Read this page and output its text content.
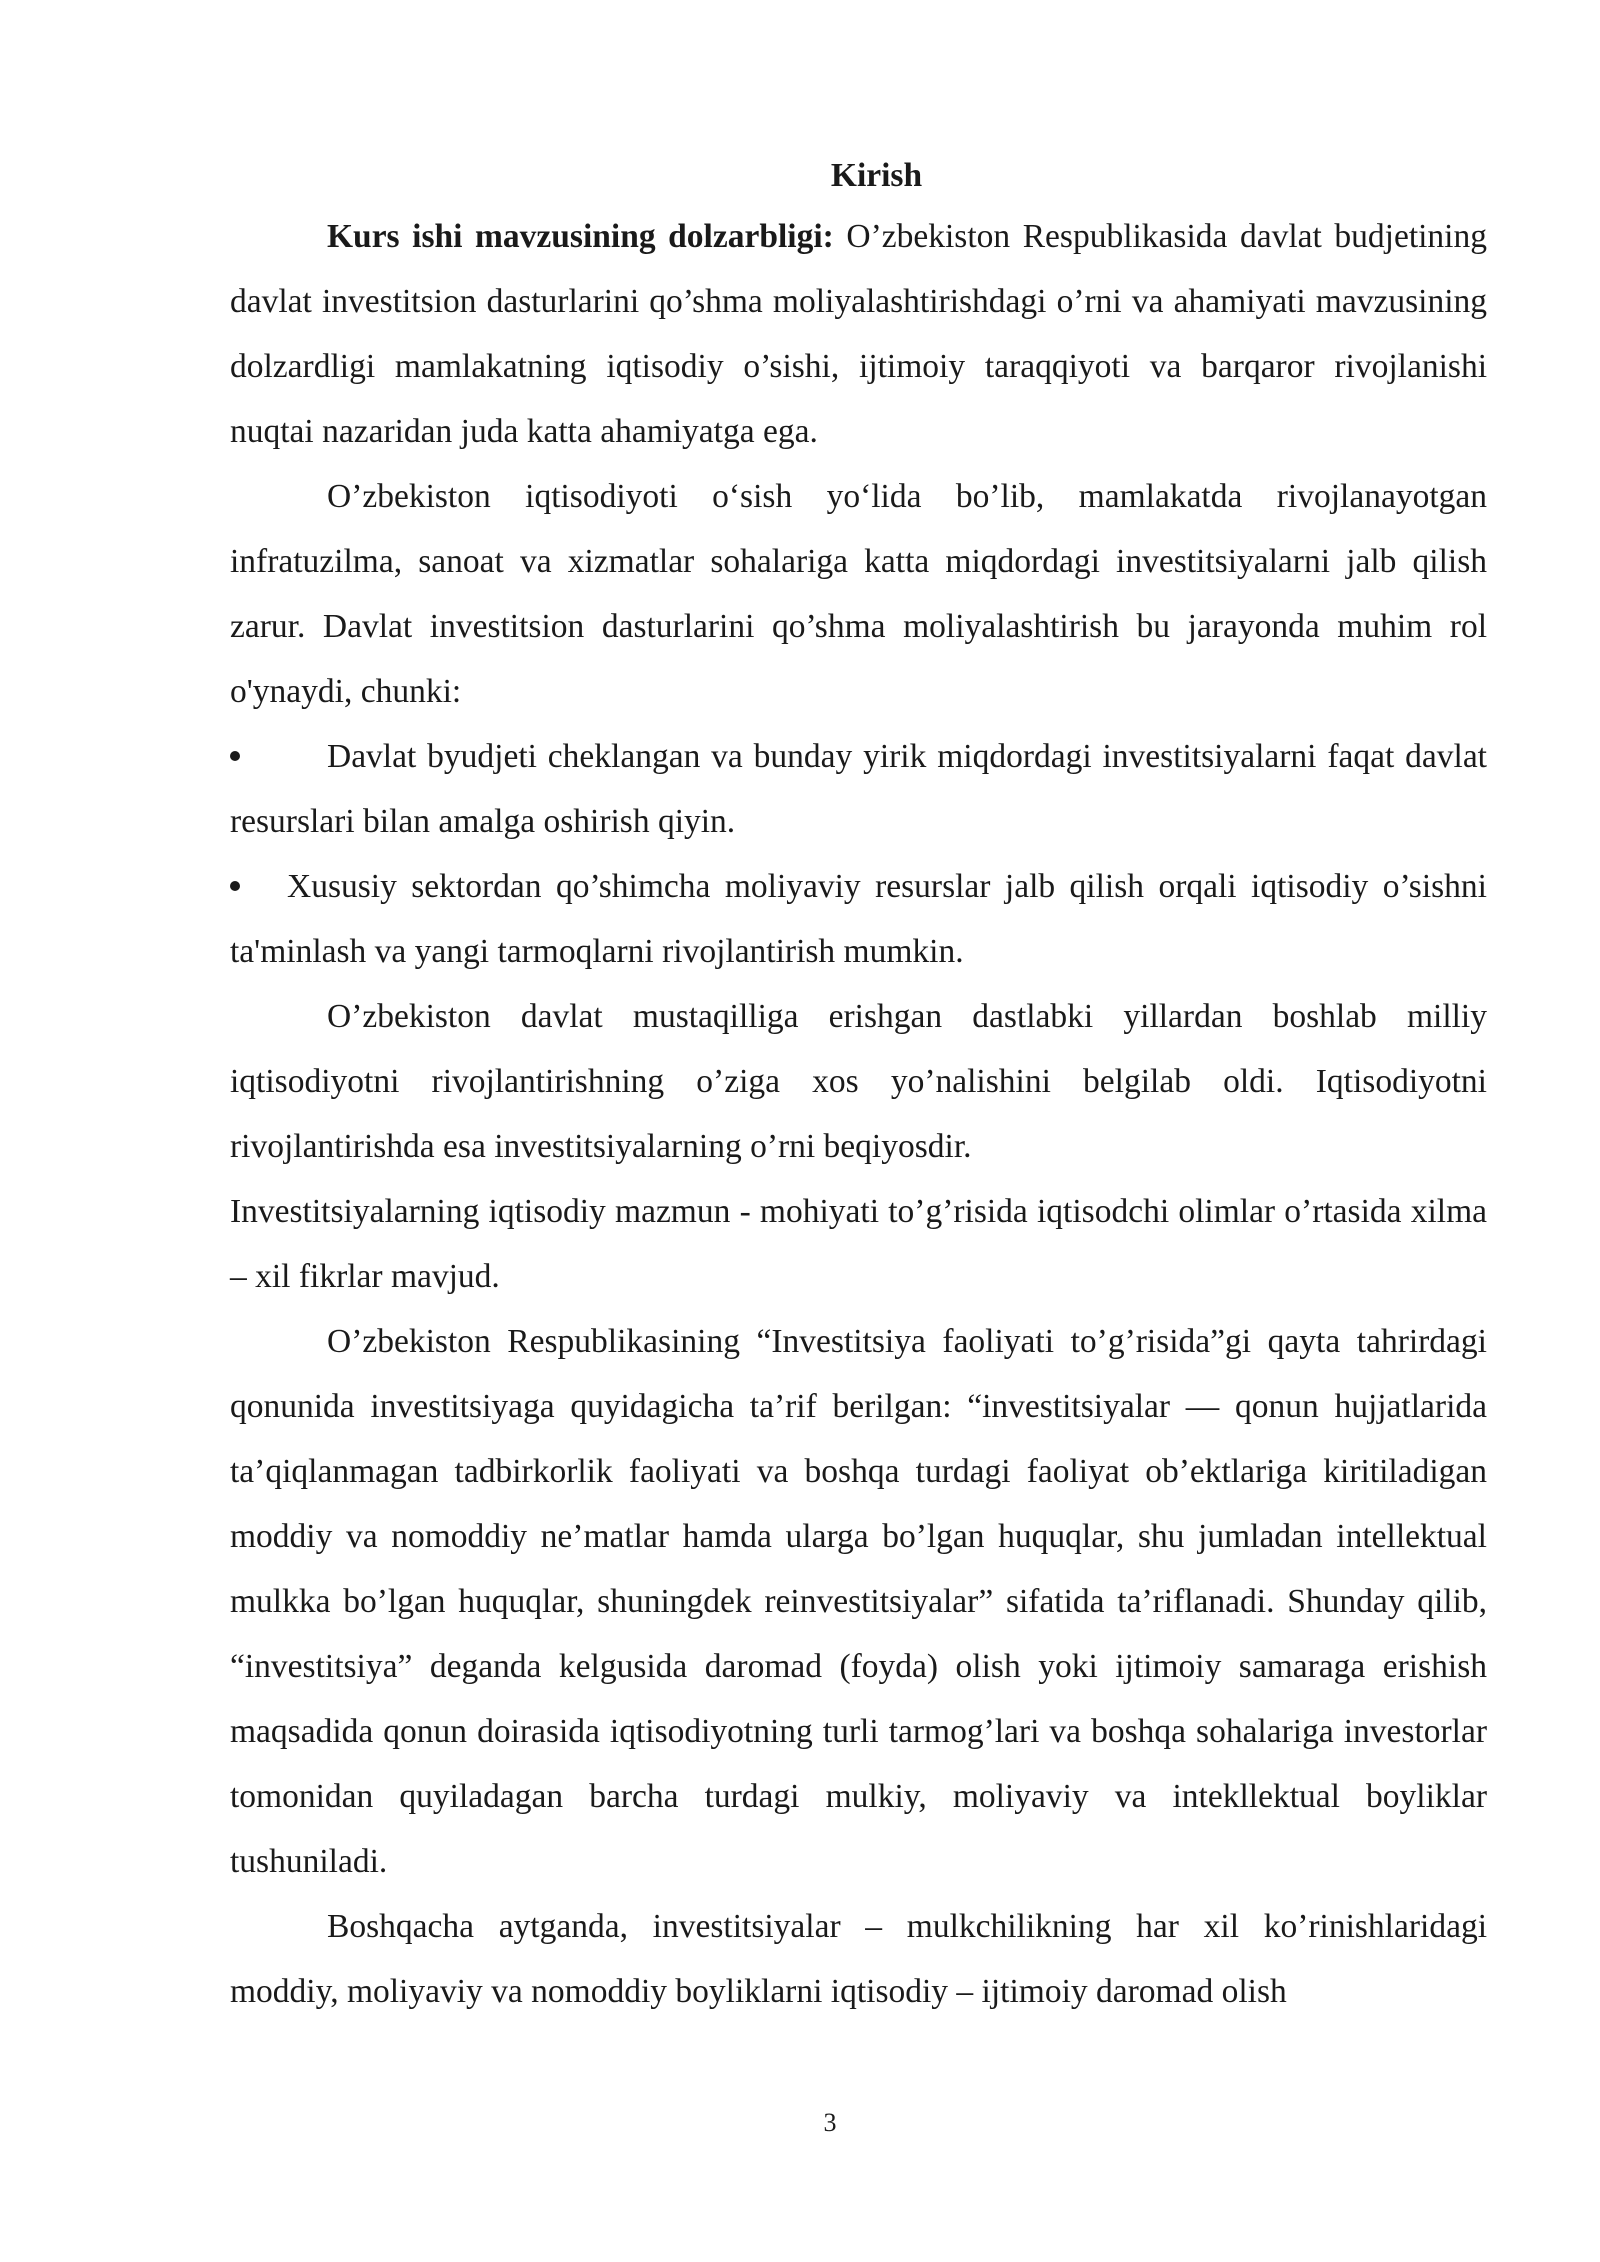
Kirish

Kurs ishi mavzusining dolzarbligi: O’zbekiston Respublikasida davlat budjetining davlat investitsion dasturlarini qo’shma moliyalashtirishdagi o’rni va ahamiyati mavzusining dolzardligi mamlakatning iqtisodiy o’sishi, ijtimoiy taraqqiyoti va barqaror rivojlanishi nuqtai nazaridan juda katta ahamiyatga ega.

O’zbekiston iqtisodiyoti o‘sish yo‘lida bo’lib, mamlakatda rivojlanayotgan infratuzilma, sanoat va xizmatlar sohalariga katta miqdordagi investitsiyalarni jalb qilish zarur. Davlat investitsion dasturlarini qo’shma moliyalashtirish bu jarayonda muhim rol o'ynaydi, chunki:

Davlat byudjeti cheklangan va bunday yirik miqdordagi investitsiyalarni faqat davlat resurslari bilan amalga oshirish qiyin.

Xususiy sektordan qo’shimcha moliyaviy resurslar jalb qilish orqali iqtisodiy o’sishni ta'minlash va yangi tarmoqlarni rivojlantirish mumkin.

O’zbekiston davlat mustaqilliga erishgan dastlabki yillardan boshlab milliy iqtisodiyotni rivojlantirishning o’ziga xos yo’nalishini belgilab oldi. Iqtisodiyotni rivojlantirishda esa investitsiyalarning o’rni beqiyosdir.

Investitsiyalarning iqtisodiy mazmun - mohiyati to’g’risida iqtisodchi olimlar o’rtasida xilma – xil fikrlar mavjud.

O’zbekiston Respublikasining “Investitsiya faoliyati to’g’risida”gi qayta tahrirdagi qonunida investitsiyaga quyidagicha ta’rif berilgan: “investitsiyalar — qonun hujjatlarida ta’qiqlanmagan tadbirkorlik faoliyati va boshqa turdagi faoliyat ob’ektlariga kiritiladigan moddiy va nomoddiy ne’matlar hamda ularga bo’lgan huquqlar, shu jumladan intellektual mulkka bo’lgan huquqlar, shuningdek reinvestitsiyalar” sifatida ta’riflanadi. Shunday qilib, “investitsiya” deganda kelgusida daromad (foyda) olish yoki ijtimoiy samaraga erishish maqsadida qonun doirasida iqtisodiyotning turli tarmog’lari va boshqa sohalariga investorlar tomonidan quyiladagan barcha turdagi mulkiy, moliyaviy va intekllektual boyliklar tushuniladi.

Boshqacha aytganda, investitsiyalar – mulkchilikning har xil ko’rinishlaridagi moddiy, moliyaviy va nomoddiy boyliklarni iqtisodiy – ijtimoiy daromad olish

3
